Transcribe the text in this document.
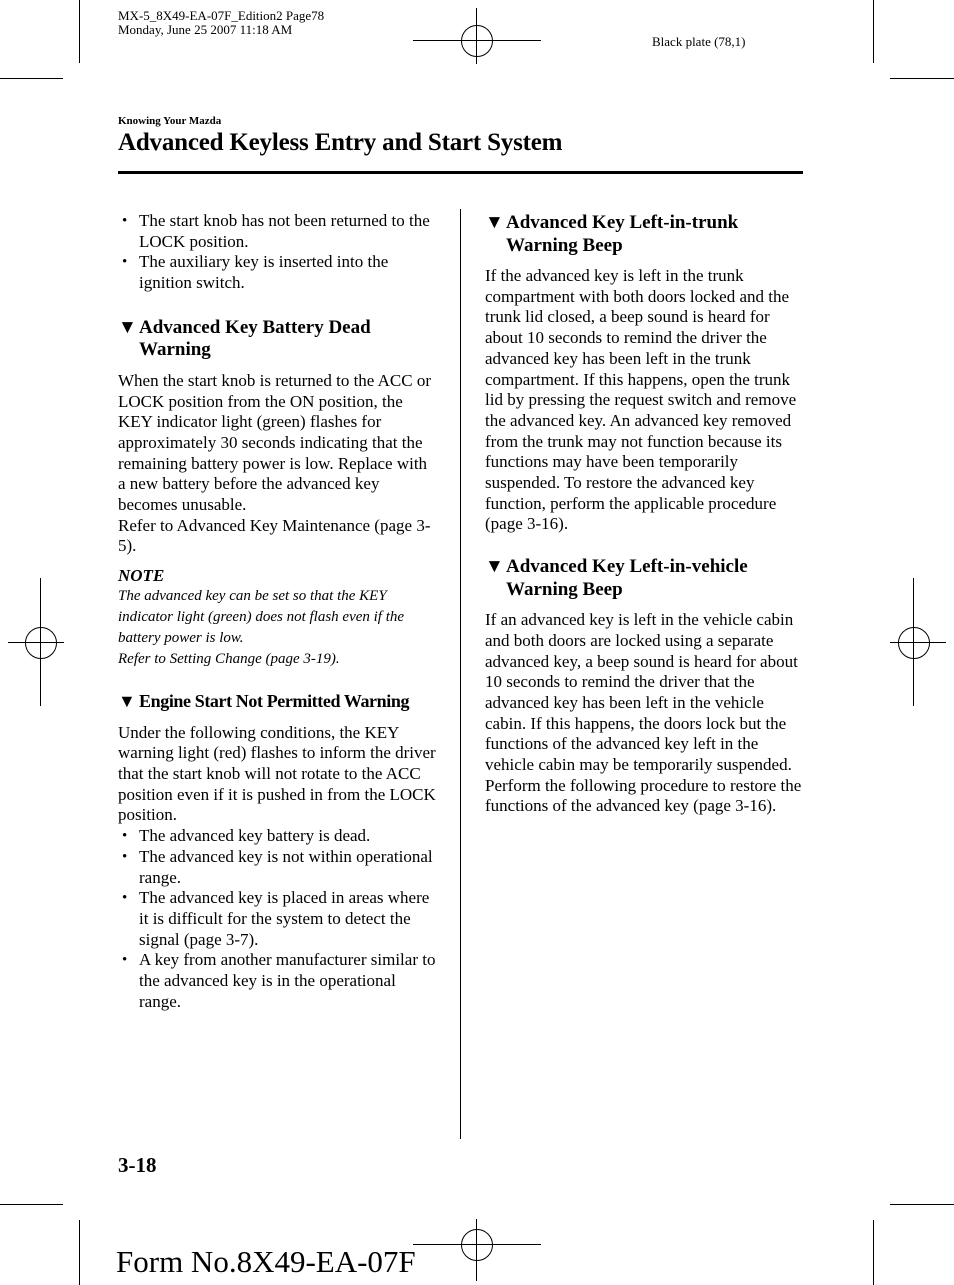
MX-5_8X49-EA-07F_Edition2 Page78
Monday, June 25 2007 11:18 AM
Black plate (78,1)
Knowing Your Mazda
Advanced Keyless Entry and Start System
• The start knob has not been returned to the LOCK position.
• The auxiliary key is inserted into the ignition switch.
▼ Advanced Key Battery Dead
Warning

When the start knob is returned to the ACC or LOCK position from the ON position, the KEY indicator light (green) flashes for approximately 30 seconds indicating that the remaining battery power is low. Replace with a new battery before the advanced key becomes unusable.

Refer to Advanced Key Maintenance (page 3-5).

NOTE
The advanced key can be set so that the KEY indicator light (green) does not flash even if the battery power is low.
Refer to Setting Change (page 3-19).
▼ Engine Start Not Permitted Warning

Under the following conditions, the KEY warning light (red) flashes to inform the driver that the start knob will not rotate to the ACC position even if it is pushed in from the LOCK position.

• The advanced key battery is dead.
• The advanced key is not within operational range.
• The advanced key is placed in areas where it is difficult for the system to detect the signal (page 3-7).
• A key from another manufacturer similar to the advanced key is in the operational range.
▼ Advanced Key Left-in-trunk
Warning Beep

If the advanced key is left in the trunk compartment with both doors locked and the trunk lid closed, a beep sound is heard for about 10 seconds to remind the driver the advanced key has been left in the trunk compartment. If this happens, open the trunk lid by pressing the request switch and remove the advanced key. An advanced key removed from the trunk may not function because its functions may have been temporarily suspended. To restore the advanced key function, perform the applicable procedure (page 3-16).

▼ Advanced Key Left-in-vehicle
Warning Beep

If an advanced key is left in the vehicle cabin and both doors are locked using a separate advanced key, a beep sound is heard for about 10 seconds to remind the driver that the advanced key has been left in the vehicle cabin. If this happens, the doors lock but the functions of the advanced key left in the vehicle cabin may be temporarily suspended. Perform the following procedure to restore the functions of the advanced key (page 3-16).

3-18
Form No.8X49-EA-07F
